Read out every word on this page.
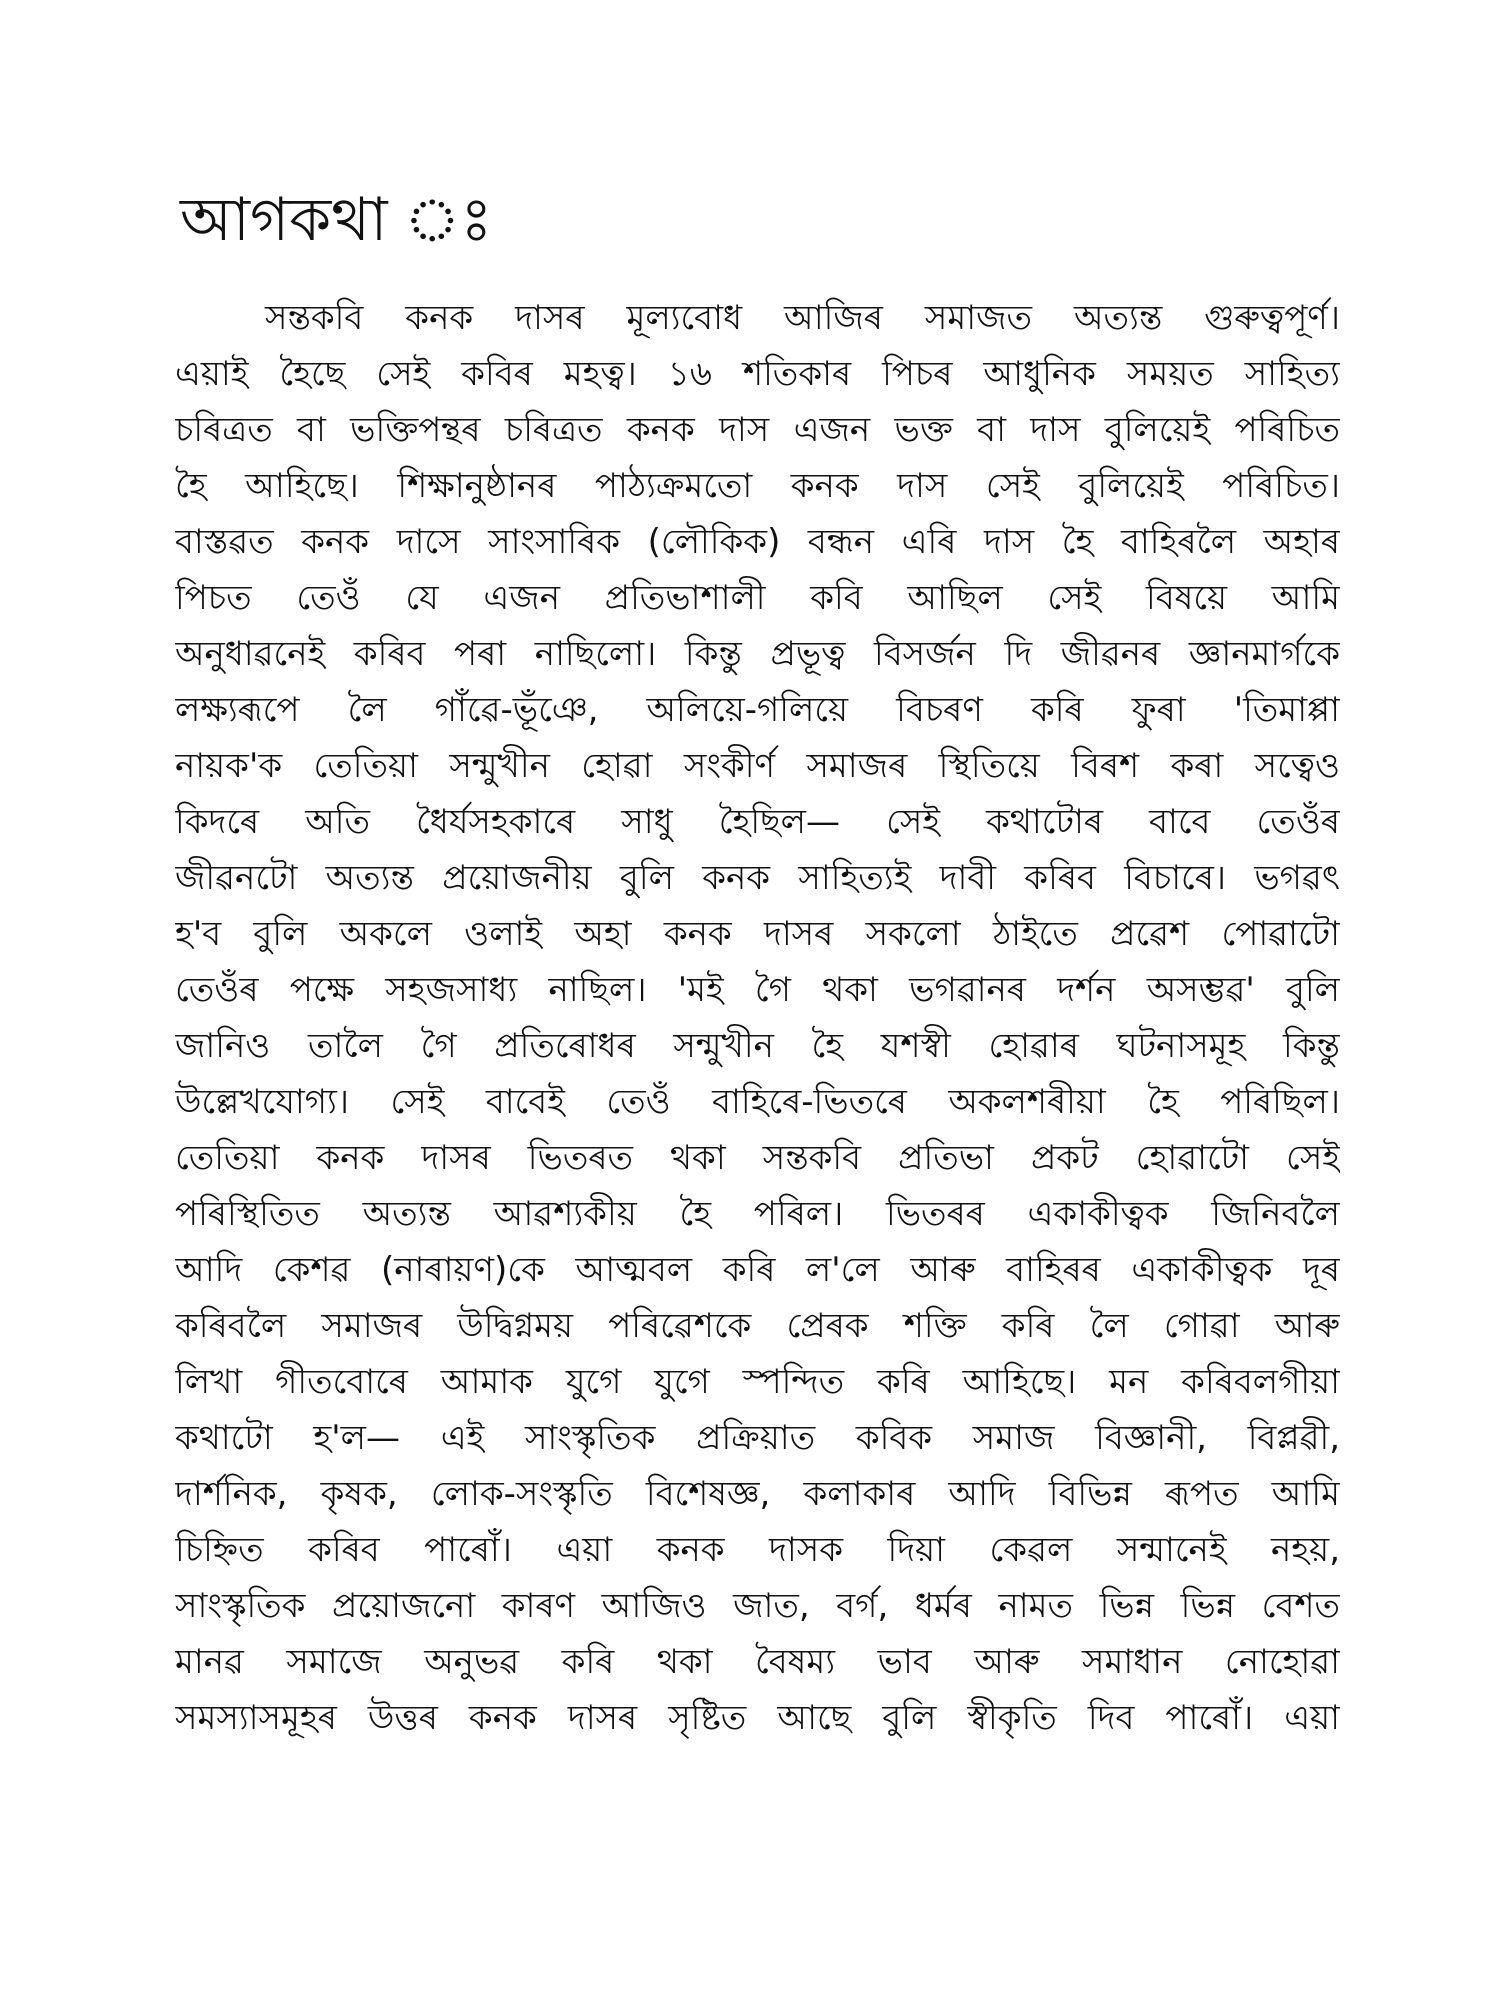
আগকথা ঃ
সন্তকবি কনক দাসৰ মূল্যবোধ আজিৰ সমাজত অত্যন্ত গুৰুত্বপূৰ্ণ।
এয়াই হৈছে সেই কবিৰ মহত্ব। ১৬ শতিকাৰ পিচৰ আধুনিক সময়ত সাহিত্য
চৰিত্ৰত বা ভক্তিপন্থৰ চৰিত্ৰত কনক দাস এজন ভক্ত বা দাস বুলিয়েই পৰিচিত
হৈ আহিছে। শিক্ষানুষ্ঠানৰ পাঠ্যক্ৰমতো কনক দাস সেই বুলিয়েই পৰিচিত।
বাস্তৱত কনক দাসে সাংসাৰিক (লৌকিক) বন্ধন এৰি দাস হৈ বাহিৰলৈ অহাৰ
পিচত তেওঁ যে এজন প্ৰতিভাশালী কবি আছিল সেই বিষয়ে আমি
অনুধাৱনেই কৰিব পৰা নাছিলো। কিন্তু প্ৰভূত্ব বিসৰ্জন দি জীৱনৰ জ্ঞানমাৰ্গকে
লক্ষ্যৰূপে লৈ গাঁৱে-ভূঁঞে, অলিয়ে-গলিয়ে বিচৰণ কৰি ফুৰা 'তিমাপ্পা
নায়ক'ক তেতিয়া সন্মুখীন হোৱা সংকীৰ্ণ সমাজৰ স্থিতিয়ে বিৰশ কৰা সত্বেও
কিদৰে অতি ধৈৰ্যসহকাৰে সাধু হৈছিল— সেই কথাটোৰ বাবে তেওঁৰ
জীৱনটো অত্যন্ত প্ৰয়োজনীয় বুলি কনক সাহিত্যই দাবী কৰিব বিচাৰে। ভগৱৎ
হ'ব বুলি অকলে ওলাই অহা কনক দাসৰ সকলো ঠাইতে প্ৰৱেশ পোৱাটো
তেওঁৰ পক্ষে সহজসাধ্য নাছিল। 'মই গৈ থকা ভগৱানৰ দৰ্শন অসম্ভৱ' বুলি
জানিও তালৈ গৈ প্ৰতিৰোধৰ সন্মুখীন হৈ যশস্বী হোৱাৰ ঘটনাসমূহ কিন্তু
উল্লেখযোগ্য। সেই বাবেই তেওঁ বাহিৰে-ভিতৰে অকলশৰীয়া হৈ পৰিছিল।
তেতিয়া কনক দাসৰ ভিতৰত থকা সন্তকবি প্ৰতিভা প্ৰকট হোৱাটো সেই
পৰিস্থিতিত অত্যন্ত আৱশ্যকীয় হৈ পৰিল। ভিতৰৰ একাকীত্বক জিনিবলৈ
আদি কেশৱ (নাৰায়ণ)কে আত্মবল কৰি ল'লে আৰু বাহিৰৰ একাকীত্বক দূৰ
কৰিবলৈ সমাজৰ উদ্বিগ্নময় পৰিৱেশকে প্ৰেৰক শক্তি কৰি লৈ গোৱা আৰু
লিখা গীতবোৰে আমাক যুগে যুগে স্পন্দিত কৰি আহিছে। মন কৰিবলগীয়া
কথাটো হ'ল— এই সাংস্কৃতিক প্ৰক্ৰিয়াত কবিক সমাজ বিজ্ঞানী, বিপ্লৱী,
দাৰ্শনিক, কৃষক, লোক-সংস্কৃতি বিশেষজ্ঞ, কলাকাৰ আদি বিভিন্ন ৰূপত আমি
চিহ্নিত কৰিব পাৰোঁ। এয়া কনক দাসক দিয়া কেৱল সন্মানেই নহয়,
সাংস্কৃতিক প্ৰয়োজনো কাৰণ আজিও জাত, বৰ্গ, ধৰ্মৰ নামত ভিন্ন ভিন্ন বেশত
মানৱ সমাজে অনুভৱ কৰি থকা বৈষম্য ভাব আৰু সমাধান নোহোৱা
সমস্যাসমূহৰ উত্তৰ কনক দাসৰ সৃষ্টিত আছে বুলি স্বীকৃতি দিব পাৰোঁ। এয়া
